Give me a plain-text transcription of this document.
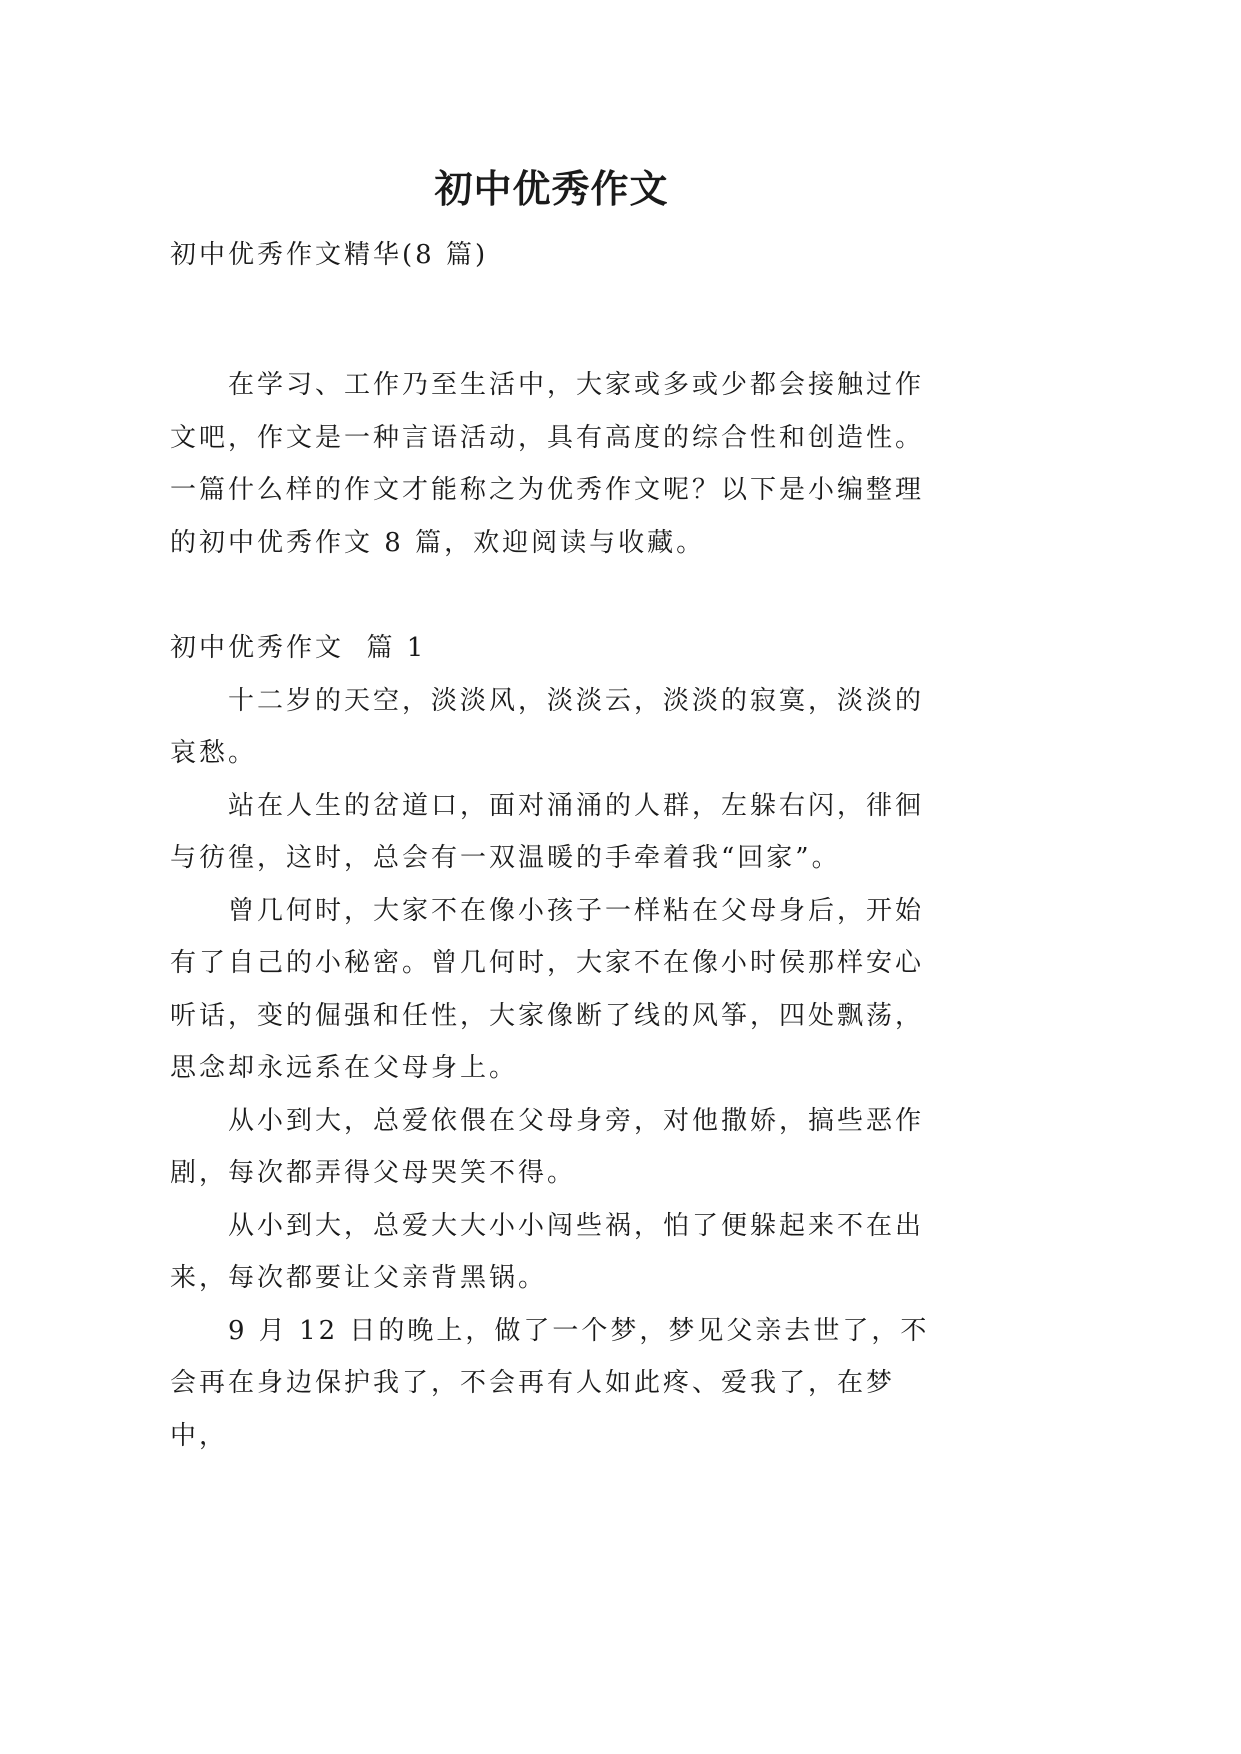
初中优秀作文
初中优秀作文精华(8 篇)

在学习、工作乃至生活中，大家或多或少都会接触过作文吧，作文是一种言语活动，具有高度的综合性和创造性。一篇什么样的作文才能称之为优秀作文呢？以下是小编整理的初中优秀作文 8 篇，欢迎阅读与收藏。

初中优秀作文  篇 1

十二岁的天空，淡淡风，淡淡云，淡淡的寂寞，淡淡的哀愁。

站在人生的岔道口，面对涌涌的人群，左躲右闪，徘徊与彷徨，这时，总会有一双温暖的手牵着我“回家”。

曾几何时，大家不在像小孩子一样粘在父母身后，开始有了自己的小秘密。曾几何时，大家不在像小时侯那样安心听话，变的倔强和任性，大家像断了线的风筝，四处飘荡，思念却永远系在父母身上。

从小到大，总爱依偎在父母身旁，对他撒娇，搞些恶作剧，每次都弄得父母哭笑不得。

从小到大，总爱大大小小闯些祸，怕了便躲起来不在出来，每次都要让父亲背黑锅。

9 月 12 日的晚上，做了一个梦，梦见父亲去世了，不会再在身边保护我了，不会再有人如此疼、爱我了，在梦中，
